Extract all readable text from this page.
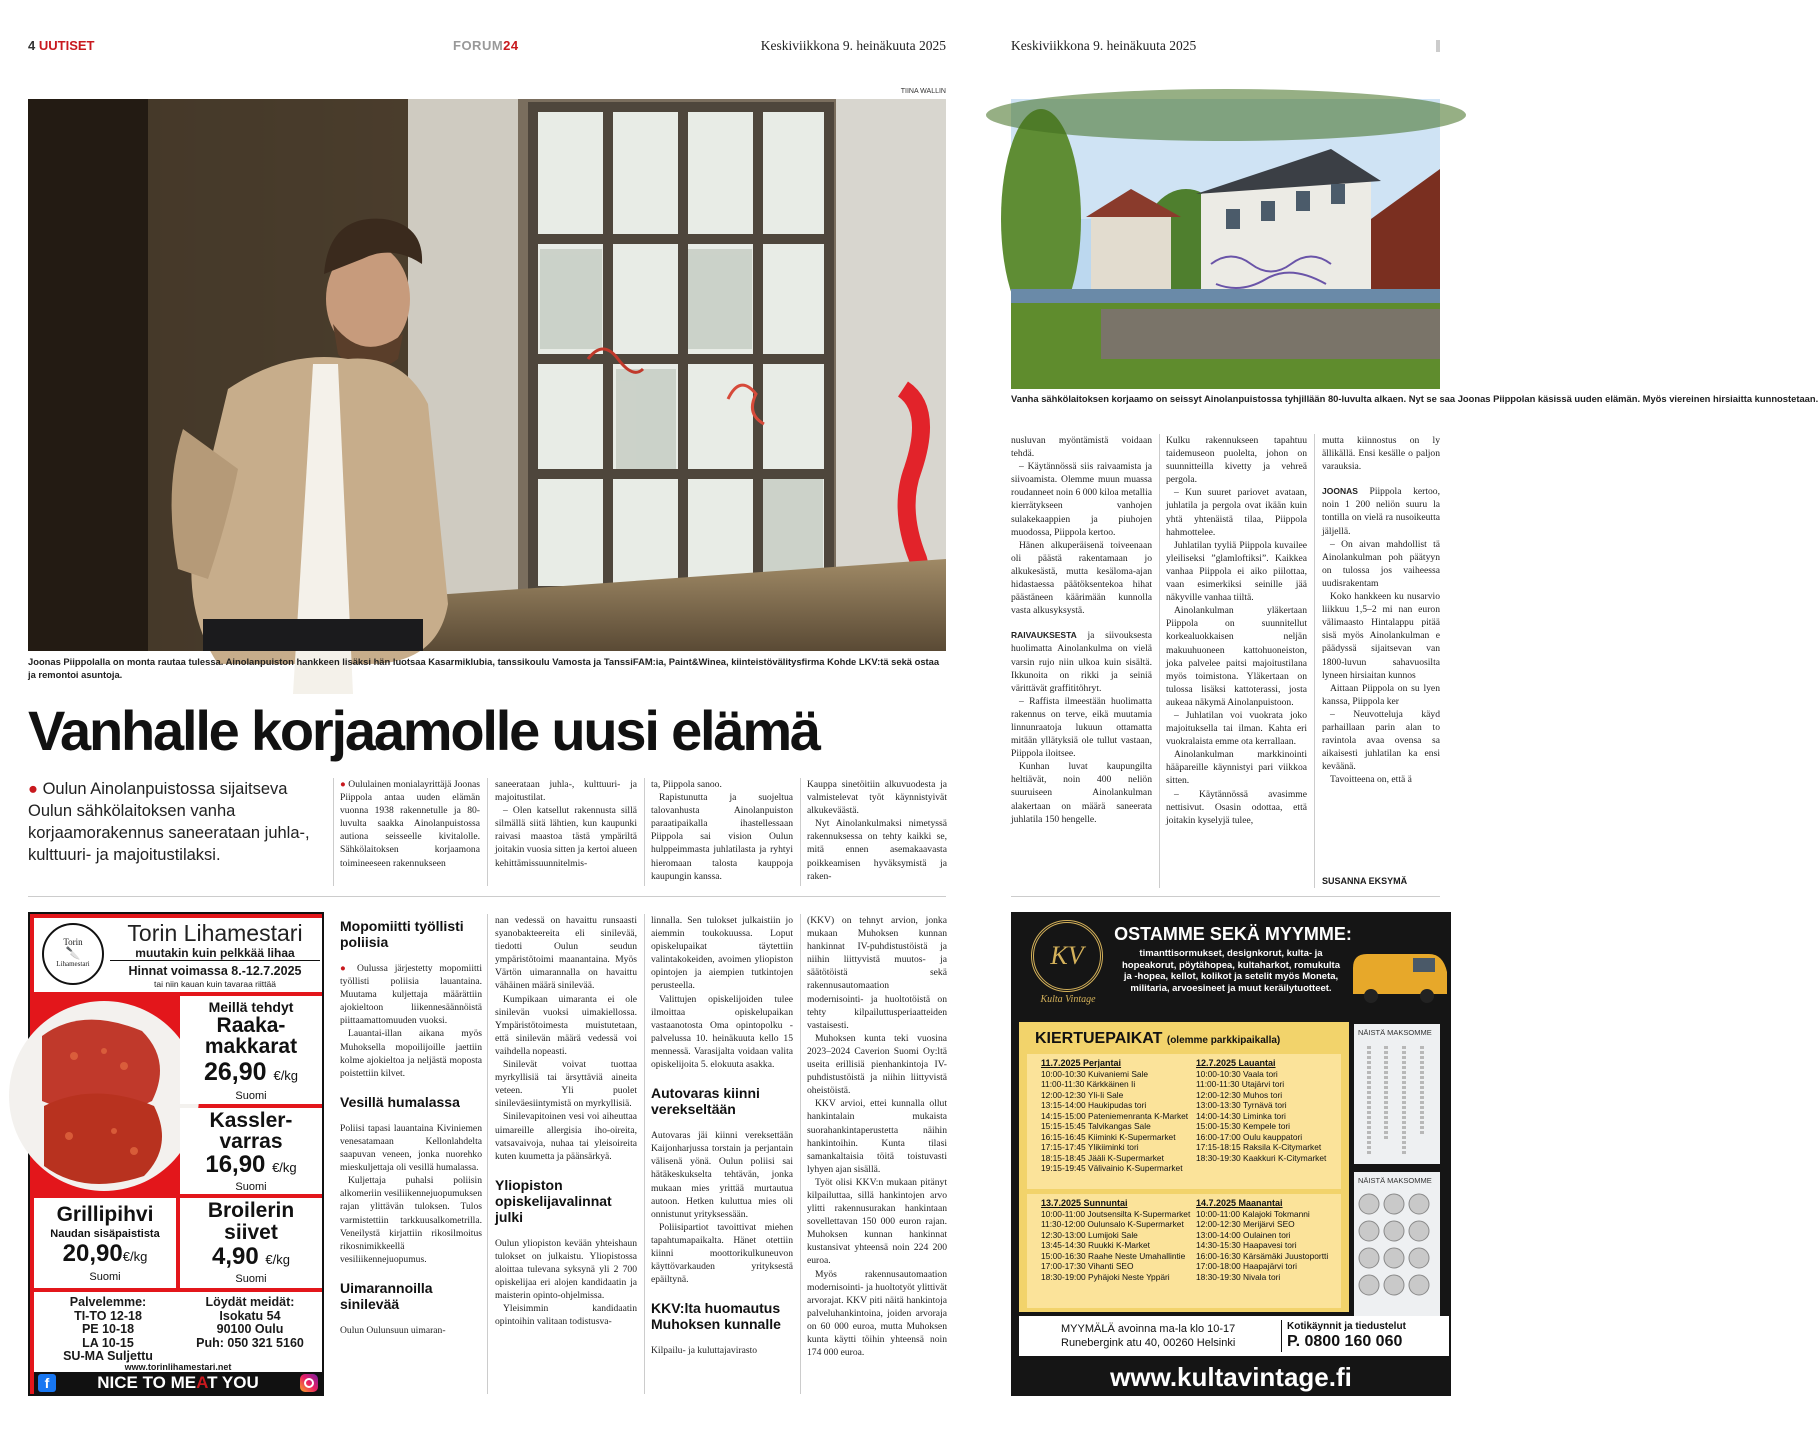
4 UUTISET	FORUM24	Keskiviikkona 9. heinäkuuta 2025	Keskiviikkona 9. heinäkuuta 2025
TIINA WALLIN
Joonas Piippolalla on monta rautaa tulessa. Ainolanpuiston hankkeen lisäksi hän luotsaa Kasarmiklubia, tanssikoulu Vamosta ja TanssiFAM:ia, Paint&Winea, kiinteistövälitysfirma Kohde LKV:tä sekä ostaa ja remontoi asuntoja.
Vanhalle korjaamolle uusi elämä
● Oulun Ainolanpuistossa sijaitseva Oulun sähkölaitoksen vanha korjaamorakennus saneerataan juhla-, kulttuuri- ja majoitustilaksi.

● Oululainen monialayrittäjä Joonas Piippola antaa uuden elämän vuonna 1938 rakennetulle ja 80-luvulta saakka Ainolanpuistossa autiona seisseelle kivitalolle. Sähkölaitoksen korjaamona toimineeseen rakennukseen

saneerataan juhla-, kulttuuri- ja majoitustilat.

– Olen katsellut rakennusta sillä silmällä siitä lähtien, kun kaupunki raivasi maastoa tästä ympäriltä joitakin vuosia sitten ja kertoi alueen kehittämissuunnitelmis-

ta, Piippola sanoo.

Rapistunutta ja suojeltua talovanhusta Ainolanpuiston paraatipaikalla ihastellessaan Piippola sai vision Oulun hulppeimmasta juhlatilasta ja ryhtyi hieromaan talosta kauppoja kaupungin kanssa.

Kauppa sinetöitiin alkuvuodesta ja valmistelevat työt käynnistyivät alkukeväästä.

Nyt Ainolankulmaksi nimetyssä rakennuksessa on tehty kaikki se, mitä ennen asemakaavasta poikkeamisen hyväksymistä ja raken-

Vanha sähkölaitoksen korjaamo on seissyt Ainolanpuistossa tyhjillään 80-luvulta alkaen. Nyt se saa Joonas Piippolan käsissä uuden elämän. Myös viereinen hirsiaitta kunnostetaan.

nusluvan myöntämistä voidaan tehdä.

– Käytännössä siis raivaamista ja siivoamista. Olemme muun muassa roudanneet noin 6 000 kiloa metallia kierrätykseen vanhojen sulakekaappien ja piuhojen muodossa, Piippola kertoo.

Hänen alkuperäisenä toiveenaan oli päästä rakentamaan jo alkukesästä, mutta kesäloma-ajan hidastaessa päätöksentekoa hihat päästäneen käärimään kunnolla vasta alkusyksystä.

RAIVAUKSESTA ja siivouksesta huolimatta Ainolankulma on vielä varsin rujo niin ulkoa kuin sisältä. Ikkunoita on rikki ja seiniä värittävät graffititöhryt.

– Raffista ilmeestään huolimatta rakennus on terve, eikä muutamia linnunraatoja lukuun ottamatta mitään yllätyksiä ole tullut vastaan, Piippola iloitsee.

Kunhan luvat kaupungilta heltiävät, noin 400 neliön suuruiseen Ainolankulman alakertaan on määrä saneerata juhlatila 150 hengelle.

Kulku rakennukseen tapahtuu taidemuseon puolelta, johon on suunnitteilla kivetty ja vehreä pergola.

– Kun suuret pariovet avataan, juhlatila ja pergola ovat ikään kuin yhtä yhtenäistä tilaa, Piippola hahmottelee.

Juhlatilan tyyliä Piippola kuvailee yleiliseksi ”glamloftiksi”. Kaikkea vanhaa Piippola ei aiko piilottaa, vaan esimerkiksi seinille jää näkyville vanhaa tiiltä.

Ainolankulman yläkertaan Piippola on suunnitellut korkealuokkaisen neljän makuuhuoneen kattohuoneiston, joka palvelee paitsi majoitustilana myös toimistona. Yläkertaan on tulossa lisäksi kattoterassi, josta aukeaa näkymä Ainolanpuistoon.

– Juhlatilan voi vuokrata joko majoituksella tai ilman. Kahta eri vuokralaista emme ota kerrallaan.

Ainolankulman markkinointi hääpareille käynnistyi pari viikkoa sitten.

– Käytännössä avasimme nettisivut. Osasin odottaa, että joitakin kyselyjä tulee,

mutta kiinnostus on ly ällikällä. Ensi kesälle o paljon varauksia.

JOONAS Piippola kertoo, noin 1 200 neliön suuru la tontilla on vielä ra nusoikeutta jäljellä.

– On aivan mahdollist tä Ainolankulman poh päätyyn on tulossa jos vaiheessa uudisrakentam

Koko hankkeen ku nusarvio liikkuu 1,5–2 mi nan euron välimaasto Hintalappu pitää sisä myös Ainolankulman e päädyssä sijaitsevan van 1800-luvun sahavuosilta lyneen hirsiaitan kunnos

Aittaan Piippola on su lyen kanssa, Piippola ker

– Neuvotteluja käyd parhaillaan parin alan to ravintola avaa ovensa sa aikaisesti juhlatilan ka ensi keväänä.

Tavoitteena on, että ä

SUSANNA EKSYMÄ
Mopomiitti työllisti poliisia

● Oulussa järjestetty mopomiitti työllisti poliisia lauantaina. Muutama kuljettaja määrättiin ajokieltoon liikennesäännöistä piittaamattomuuden vuoksi.

Lauantai-illan aikana myös Muhoksella mopoilijoille jaettiin kolme ajokieltoa ja neljästä moposta poistettiin kilvet.

Vesillä humalassa

Poliisi tapasi lauantaina Kiviniemen venesatamaan Kellonlahdelta saapuvan veneen, jonka nuorehko mieskuljettaja oli vesillä humalassa.

Kuljettaja puhalsi poliisin alkomeriin vesiliikennejuopumuksen rajan ylittävän tuloksen. Tulos varmistettiin tarkkuusalkometrilla. Veneilystä kirjattiin rikosilmoitus rikosnimikkeellä vesiliikennejuopumus.

Uimarannoilla sinilevää

Oulun Oulunsuun uimaran-

nan vedessä on havaittu runsaasti syanobakteereita eli sinilevää, tiedotti Oulun seudun ympäristötoimi maanantaina. Myös Värtön uimarannalla on havaittu vähäinen määrä sinilevää.

Kumpikaan uimaranta ei ole sinilevän vuoksi uimakiellossa. Ympäristötoimesta muistutetaan, että sinilevän määrä vedessä voi vaihdella nopeasti.

Sinilevät voivat tuottaa myrkyllisiä tai ärsyttäviä aineita veteen. Yli puolet sinileväesiintymistä on myrkyllisiä.

Sinilevapitoinen vesi voi aiheuttaa uimareille allergisia iho-oireita, vatsavaivoja, nuhaa tai yleisoireita kuten kuumetta ja päänsärkyä.

Yliopiston opiskelijavalinnat julki

Oulun yliopiston kevään yhteishaun tulokset on julkaistu. Yliopistossa aloittaa tulevana syksynä yli 2 700 opiskelijaa eri alojen kandidaatin ja maisterin opinto-ohjelmissa.

Yleisimmin kandidaatin opintoihin valitaan todistusva-

linnalla. Sen tulokset julkaistiin jo aiemmin toukokuussa. Loput opiskelupaikat täytettiin valintakokeiden, avoimen yliopiston opintojen ja aiempien tutkintojen perusteella.

Valittujen opiskelijoiden tulee ilmoittaa opiskelupaikan vastaanotosta Oma opintopolku -palvelussa 10. heinäkuuta kello 15 mennessä. Varasijalta voidaan valita opiskelijoita 5. elokuuta asakka.

Autovaras kiinni verekseltään

Autovaras jäi kiinni vereksettään Kaijonharjussa torstain ja perjantain välisenä yönä. Oulun poliisi sai hätäkeskukselta tehtävän, jonka mukaan mies yrittää murtautua autoon. Hetken kuluttua mies oli onnistunut yrityksessään.

Poliisipartiot tavoittivat miehen tapahtumapaikalta. Hänet otettiin kiinni moottorikulkuneuvon käyttövarkauden yrityksestä epäiltynä.

KKV:lta huomautus Muhoksen kunnalle

Kilpailu- ja kuluttajavirasto

(KKV) on tehnyt arvion, jonka mukaan Muhoksen kunnan hankinnat IV-puhdistustöistä ja niihin liittyvistä muutos- ja säätötöistä sekä rakennusautomaation modernisointi- ja huoltotöistä on tehty kilpailuttusperiaatteiden vastaisesti.

Muhoksen kunta teki vuosina 2023–2024 Caverion Suomi Oy:ltä useita erillisiä pienhankintoja IV-puhdistustöistä ja niihin liittyvistä oheistöistä.

KKV arvioi, ettei kunnalla ollut hankintalain mukaista suorahankintaperustetta näihin hankintoihin. Kunta tilasi samankaltaisia töitä toistuvasti lyhyen ajan sisällä.

Työt olisi KKV:n mukaan pitänyt kilpailuttaa, sillä hankintojen arvo ylitti rakennusurakan hankintaan sovellettavan 150 000 euron rajan. Muhoksen kunnan hankinnat kustansivat yhteensä noin 224 200 euroa.

Myös rakennusautomaation modernisointi- ja huoltotyöt ylittivät arvorajat. KKV piti näitä hankintoja palveluhankintoina, joiden arvoraja on 60 000 euroa, mutta Muhoksen kunta käytti töihin yhteensä noin 174 000 euroa.

Torin
🔪
Lihamestari
Torin Lihamestari
muutakin kuin pelkkää lihaa
Hinnat voimassa 8.-12.7.2025
tai niin kauan kuin tavaraa riittää
Meillä tehdyt
Raaka-
makkarat
26,90 €/kg
Suomi
Kassler-
varras
16,90 €/kg
Suomi
Grillipihvi
Naudan sisäpaistista
20,90€/kg
Suomi
Broilerin
siivet
4,90 €/kg
Suomi
Palvelemme:
TI-TO 12-18
PE 10-18
LA 10-15
SU-MA Suljettu
Löydät meidät:
Isokatu 54
90100 Oulu
Puh: 050 321 5160
www.torinlihamestari.net
NICE TO MEAT YOU
f
KV
Kulta Vintage
OSTAMME SEKÄ MYYMME:
timanttisormukset, designkorut, kulta- ja hopeakorut, pöytähopea, kultaharkot, romukulta ja -hopea, kellot, kolikot ja setelit myös Moneta, militaria, arvoesineet ja muut keräilytuotteet.
KIERTUEPAIKAT (olemme parkkipaikalla)
11.7.2025 Perjantai
10:00-10:30 Kuivaniemi Sale
11:00-11:30 Kärkkäinen Ii
12:00-12:30 Yli-Ii Sale
13:15-14:00 Haukipudas tori
14:15-15:00 Pateniemenranta K-Market
15:15-15:45 Talvikangas Sale
16:15-16:45 Kiiminki K-Supermarket
17:15-17:45 Ylikiiminki tori
18:15-18:45 Jääli K-Supermarket
19:15-19:45 Välivainio K-Supermarket
12.7.2025 Lauantai
10:00-10:30 Vaala tori
11:00-11:30 Utajärvi tori
12:00-12:30 Muhos tori
13:00-13:30 Tyrnävä tori
14:00-14:30 Liminka tori
15:00-15:30 Kempele tori
16:00-17:00 Oulu kauppatori
17:15-18:15 Raksila K-Citymarket
18:30-19:30 Kaakkuri K-Citymarket
13.7.2025 Sunnuntai
10:00-11:00 Joutsensilta K-Supermarket
11:30-12:00 Oulunsalo K-Supermarket
12:30-13:00 Lumijoki Sale
13:45-14:30 Ruukki K-Market
15:00-16:30 Raahe Neste Umahallintie
17:00-17:30 Vihanti SEO
18:30-19:00 Pyhäjoki Neste Yppäri
14.7.2025 Maanantai
10:00-11:00 Kalajoki Tokmanni
12:00-12:30 Merijärvi SEO
13:00-14:00 Oulainen tori
14:30-15:30 Haapavesi tori
16:00-16:30 Kärsämäki Juustoportti
17:00-18:00 Haapajärvi tori
18:30-19:30 Nivala tori
NÄISTÄ MAKSOMME
NÄISTÄ MAKSOMME
MYYMÄLÄ avoinna ma-la klo 10-17
Runebergink atu 40, 00260 Helsinki
Kotikäynnit ja tiedustelut
P. 0800 160 060
www.kultavintage.fi
